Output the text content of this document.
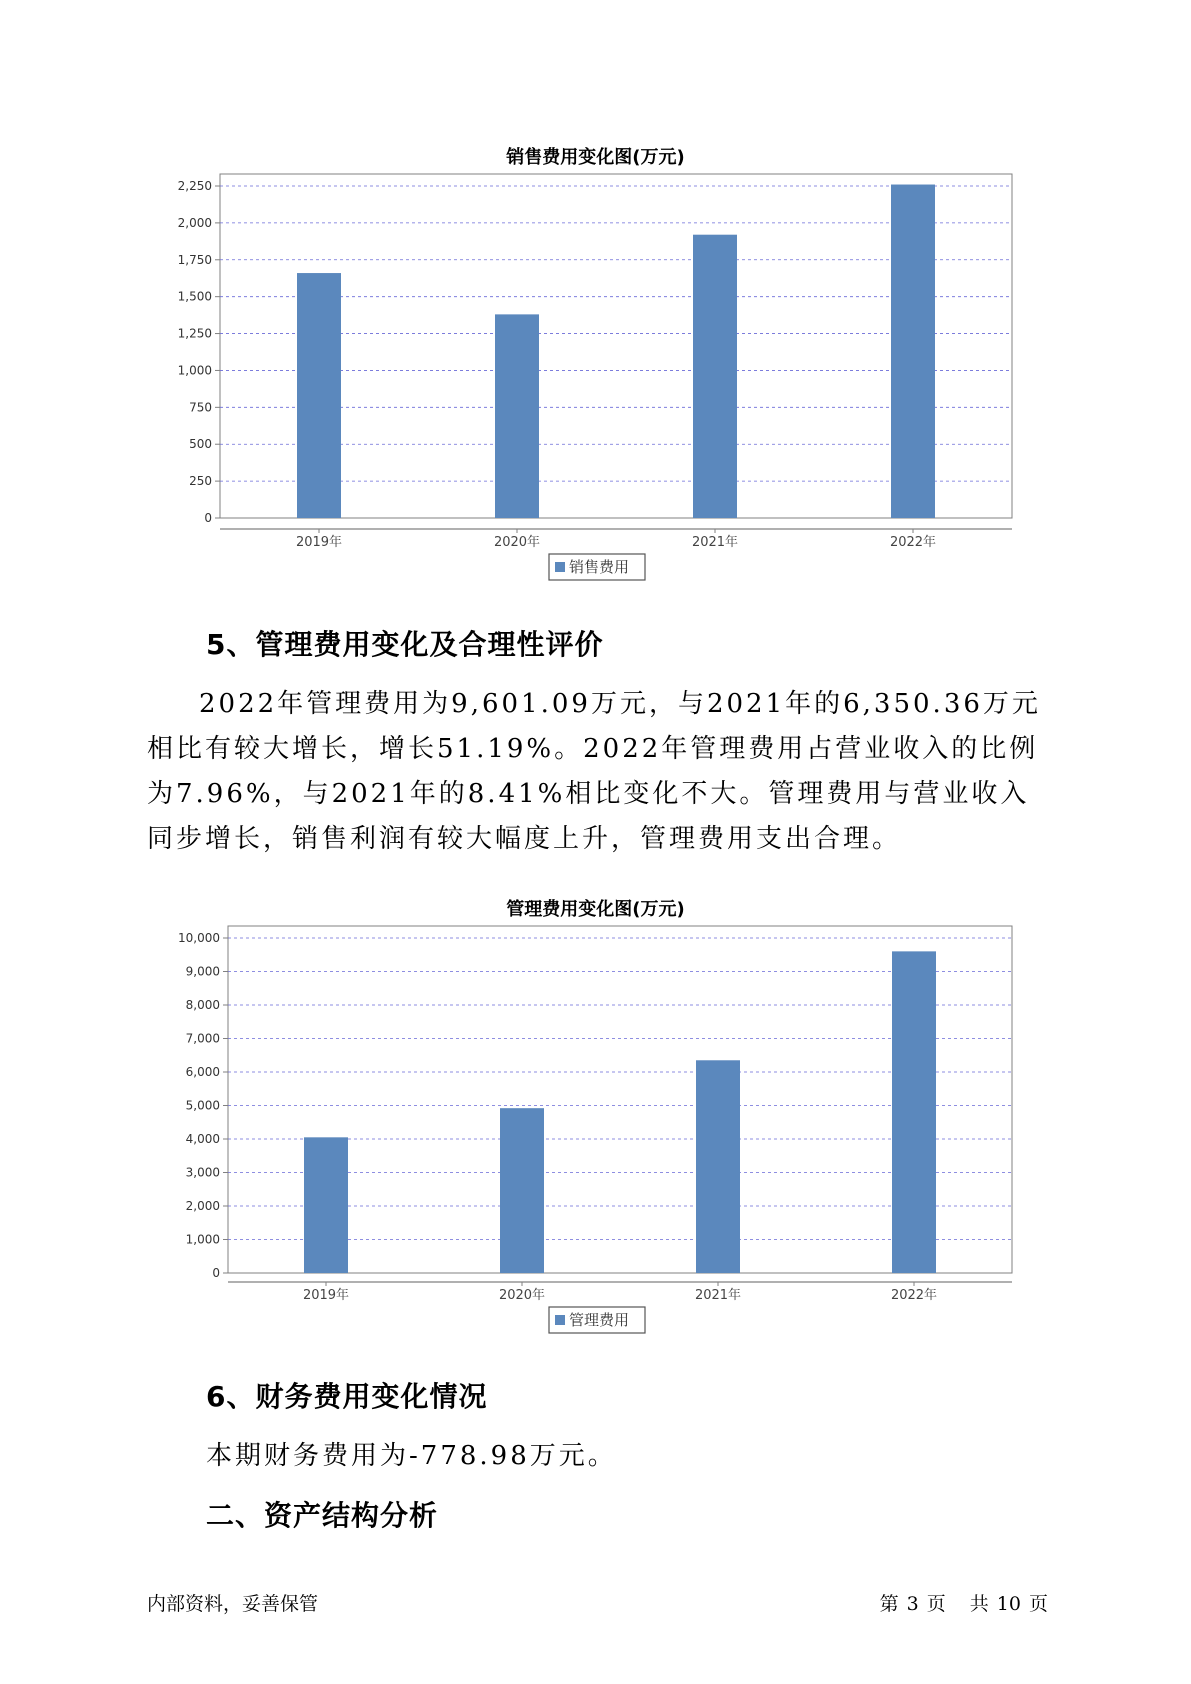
销售费用变化图(万元)
0
250
500
750
1,000
1,250
1,500
1,750
2,000
2,250
2019年	2020年	2021年	2022年
销售费用
5、管理费用变化及合理性评价
2022年管理费用为9,601.09万元，与2021年的6,350.36万元相比有较大增长，增长51.19%。2022年管理费用占营业收入的比例为7.96%，与2021年的8.41%相比变化不大。管理费用与营业收入同步增长，销售利润有较大幅度上升，管理费用支出合理。
管理费用变化图(万元)
0
1,000
2,000
3,000
4,000
5,000
6,000
7,000
8,000
9,000
10,000
2019年	2020年	2021年	2022年
管理费用
6、财务费用变化情况
本期财务费用为-778.98万元。
二、资产结构分析
内部资料，妥善保管	第 3 页 共 10 页
